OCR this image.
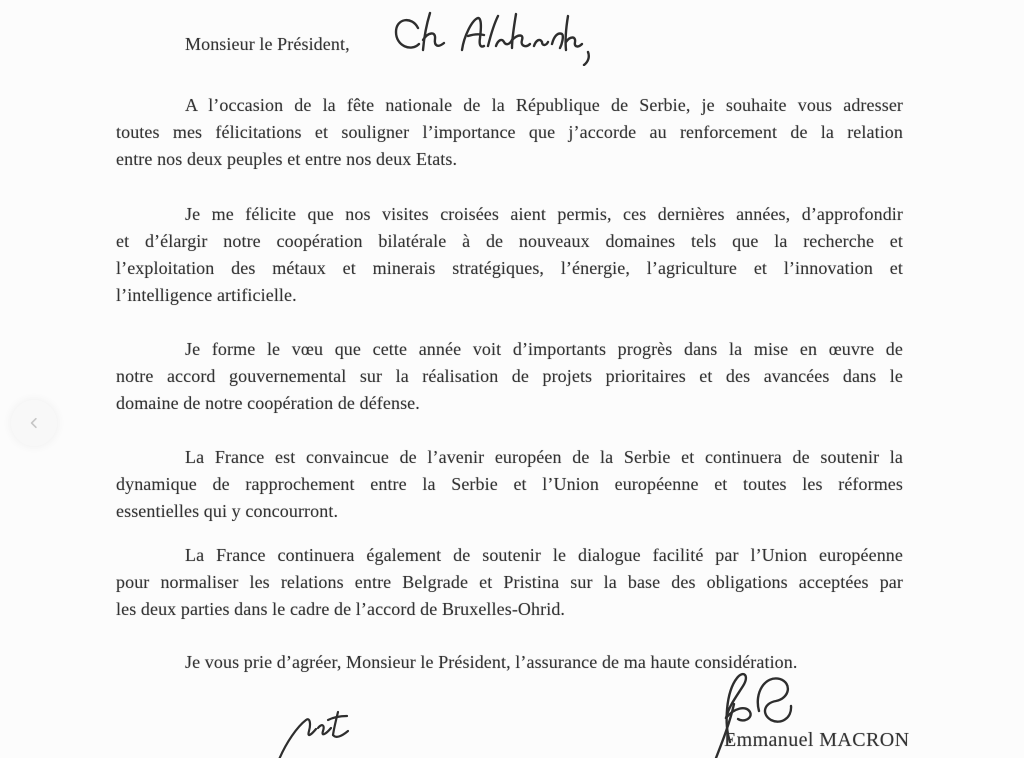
Monsieur le Président,
A l’occasion de la fête nationale de la République de Serbie, je souhaite vous adresser
toutes mes félicitations et souligner l’importance que j’accorde au renforcement de la relation
entre nos deux peuples et entre nos deux Etats.
Je me félicite que nos visites croisées aient permis, ces dernières années, d’approfondir
et d’élargir notre coopération bilatérale à de nouveaux domaines tels que la recherche et
l’exploitation des métaux et minerais stratégiques, l’énergie, l’agriculture et l’innovation et
l’intelligence artificielle.
Je forme le vœu que cette année voit d’importants progrès dans la mise en œuvre de
notre accord gouvernemental sur la réalisation de projets prioritaires et des avancées dans le
domaine de notre coopération de défense.
La France est convaincue de l’avenir européen de la Serbie et continuera de soutenir la
dynamique de rapprochement entre la Serbie et l’Union européenne et toutes les réformes
essentielles qui y concourront.
La France continuera également de soutenir le dialogue facilité par l’Union européenne
pour normaliser les relations entre Belgrade et Pristina sur la base des obligations acceptées par
les deux parties dans le cadre de l’accord de Bruxelles-Ohrid.
Je vous prie d’agréer, Monsieur le Président, l’assurance de ma haute considération.
Emmanuel MACRON
